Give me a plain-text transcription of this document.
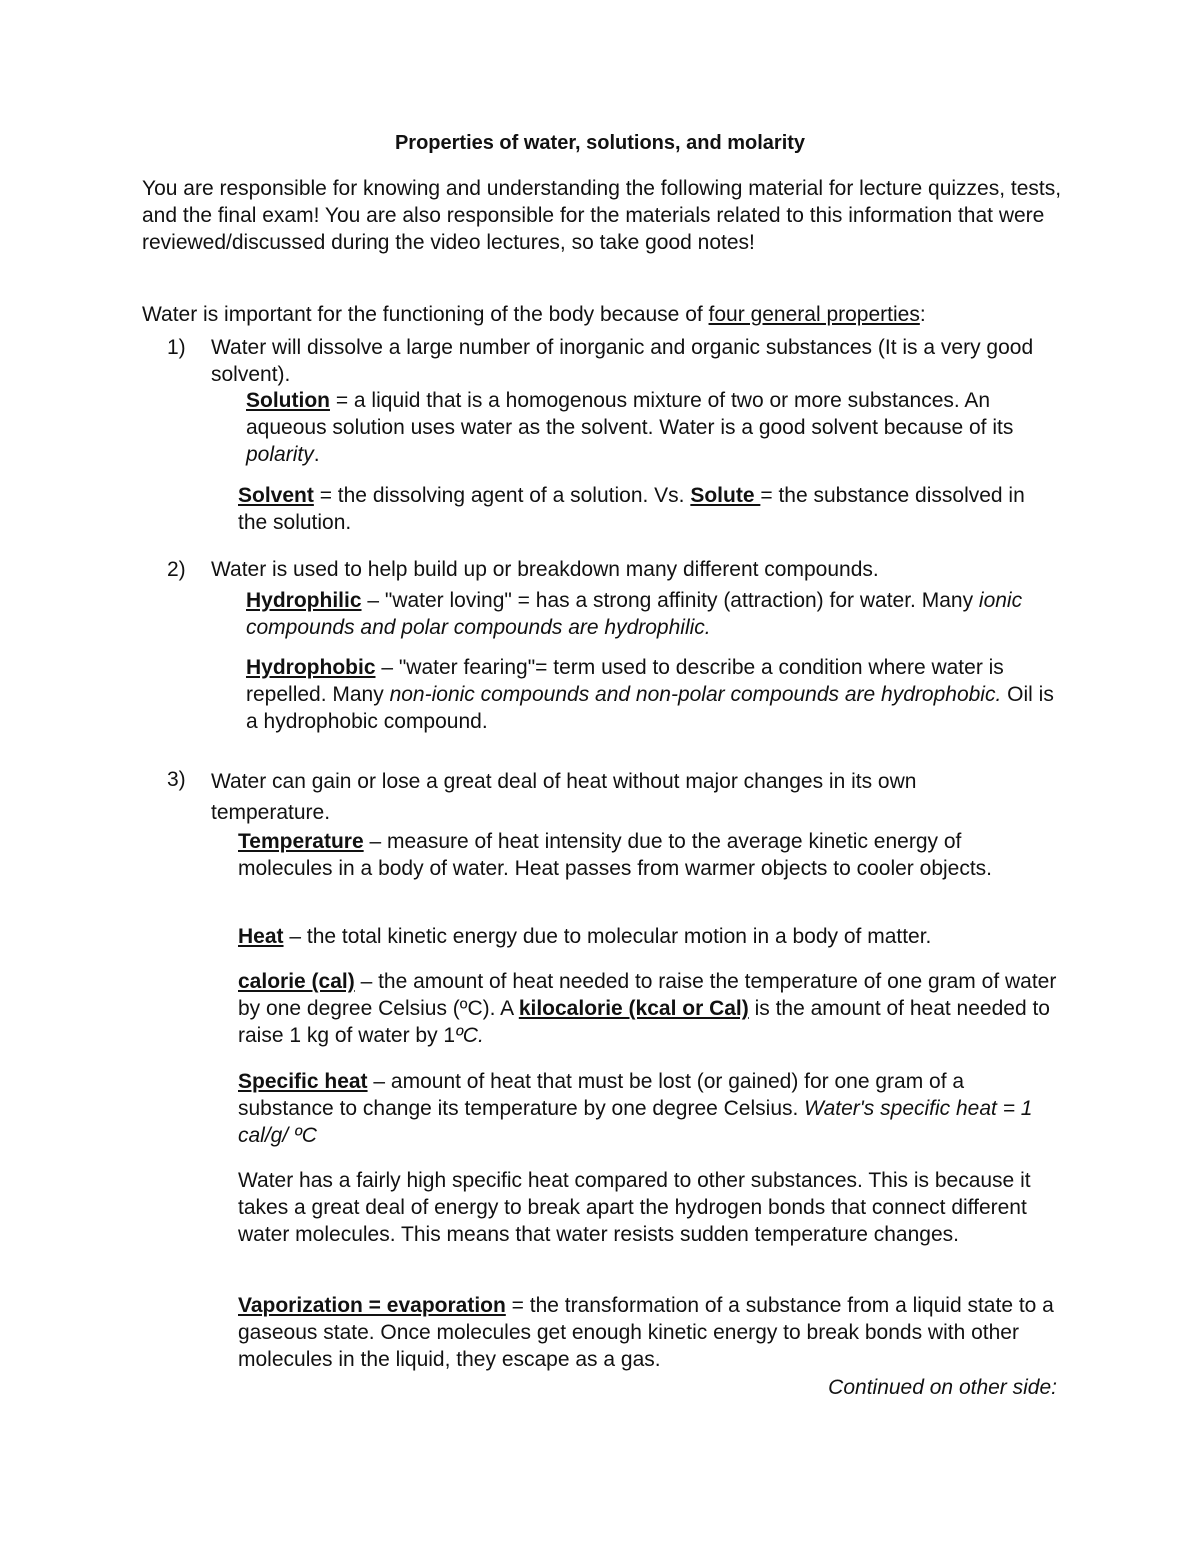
Properties of water, solutions, and molarity

You are responsible for knowing and understanding the following material for lecture quizzes, tests, and the final exam! You are also responsible for the materials related to this information that were reviewed/discussed during the video lectures, so take good notes!

Water is important for the functioning of the body because of four general properties:

1) Water will dissolve a large number of inorganic and organic substances (It is a very good solvent).

Solution = a liquid that is a homogenous mixture of two or more substances. An aqueous solution uses water as the solvent. Water is a good solvent because of its polarity.

Solvent = the dissolving agent of a solution. Vs. Solute = the substance dissolved in the solution.

2) Water is used to help build up or breakdown many different compounds.

Hydrophilic – "water loving" = has a strong affinity (attraction) for water. Many ionic compounds and polar compounds are hydrophilic.

Hydrophobic – "water fearing"= term used to describe a condition where water is repelled. Many non-ionic compounds and non-polar compounds are hydrophobic. Oil is a hydrophobic compound.

3) Water can gain or lose a great deal of heat without major changes in its own temperature.

Temperature – measure of heat intensity due to the average kinetic energy of molecules in a body of water. Heat passes from warmer objects to cooler objects.

Heat – the total kinetic energy due to molecular motion in a body of matter.

calorie (cal) – the amount of heat needed to raise the temperature of one gram of water by one degree Celsius (ºC). A kilocalorie (kcal or Cal) is the amount of heat needed to raise 1 kg of water by 1ºC.

Specific heat – amount of heat that must be lost (or gained) for one gram of a substance to change its temperature by one degree Celsius. Water's specific heat = 1 cal/g/ ºC

Water has a fairly high specific heat compared to other substances. This is because it takes a great deal of energy to break apart the hydrogen bonds that connect different water molecules. This means that water resists sudden temperature changes.

Vaporization = evaporation = the transformation of a substance from a liquid state to a gaseous state. Once molecules get enough kinetic energy to break bonds with other molecules in the liquid, they escape as a gas.

Continued on other side:
